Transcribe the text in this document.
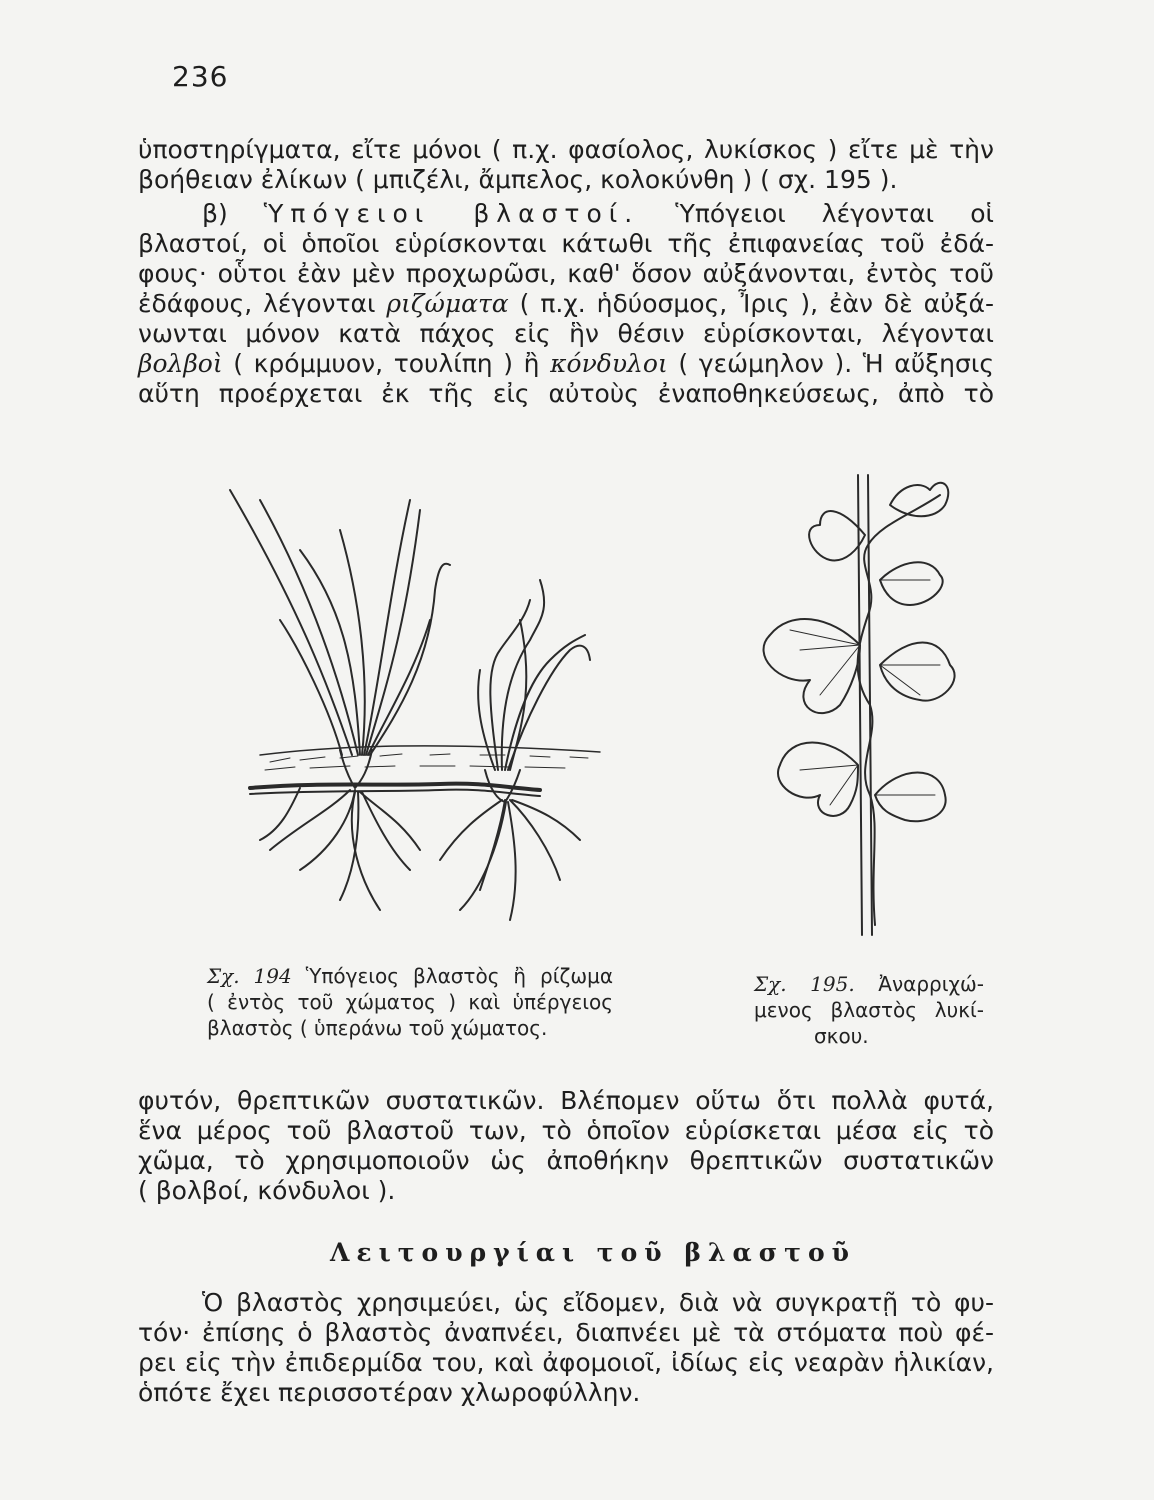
236
ὑποστηρίγματα, εἴτε μόνοι ( π.χ. φασίολος, λυκίσκος ) εἴτε μὲ τὴν
βοήθειαν ἐλίκων ( μπιζέλι, ἄμπελος, κολοκύνθη ) ( σχ. 195 ).
β) Ὑπόγειοι βλαστοί. Ὑπόγειοι λέγονται οἱ
βλαστοί, οἱ ὁποῖοι εὑρίσκονται κάτωθι τῆς ἐπιφανείας τοῦ ἐδά-
φους· οὗτοι ἐὰν μὲν προχωρῶσι, καθ' ὅσον αὐξάνονται, ἐντὸς τοῦ
ἐδάφους, λέγονται ριζώματα ( π.χ. ἡδύοσμος, Ἶρις ), ἐὰν δὲ αὐξά-
νωνται μόνον κατὰ πάχος εἰς ἣν θέσιν εὑρίσκονται, λέγονται
βολβοὶ ( κρόμμυον, τουλίπη ) ἢ κόνδυλοι ( γεώμηλον ). Ἡ αὔξησις
αὕτη προέρχεται ἐκ τῆς εἰς αὐτοὺς ἐναποθηκεύσεως, ἀπὸ τὸ
Σχ. 194 Ὑπόγειος βλαστὸς ἢ ρίζωμα
( ἐντὸς τοῦ χώματος ) καὶ ὑπέργειος
βλαστὸς ( ὑπεράνω τοῦ χώματος.
Σχ. 195. Ἀναρριχώ-
μενος βλαστὸς λυκί-
σκου.
φυτόν, θρεπτικῶν συστατικῶν. Βλέπομεν οὕτω ὅτι πολλὰ φυτά,
ἕνα μέρος τοῦ βλαστοῦ των, τὸ ὁποῖον εὑρίσκεται μέσα εἰς τὸ
χῶμα, τὸ χρησιμοποιοῦν ὡς ἀποθήκην θρεπτικῶν συστατικῶν
( βολβοί, κόνδυλοι ).
Λειτουργίαι τοῦ βλαστοῦ
Ὁ βλαστὸς χρησιμεύει, ὡς εἴδομεν, διὰ νὰ συγκρατῇ τὸ φυ-
τόν· ἐπίσης ὁ βλαστὸς ἀναπνέει, διαπνέει μὲ τὰ στόματα ποὺ φέ-
ρει εἰς τὴν ἐπιδερμίδα του, καὶ ἀφομοιοῖ, ἰδίως εἰς νεαρὰν ἡλικίαν,
ὁπότε ἔχει περισσοτέραν χλωροφύλλην.
